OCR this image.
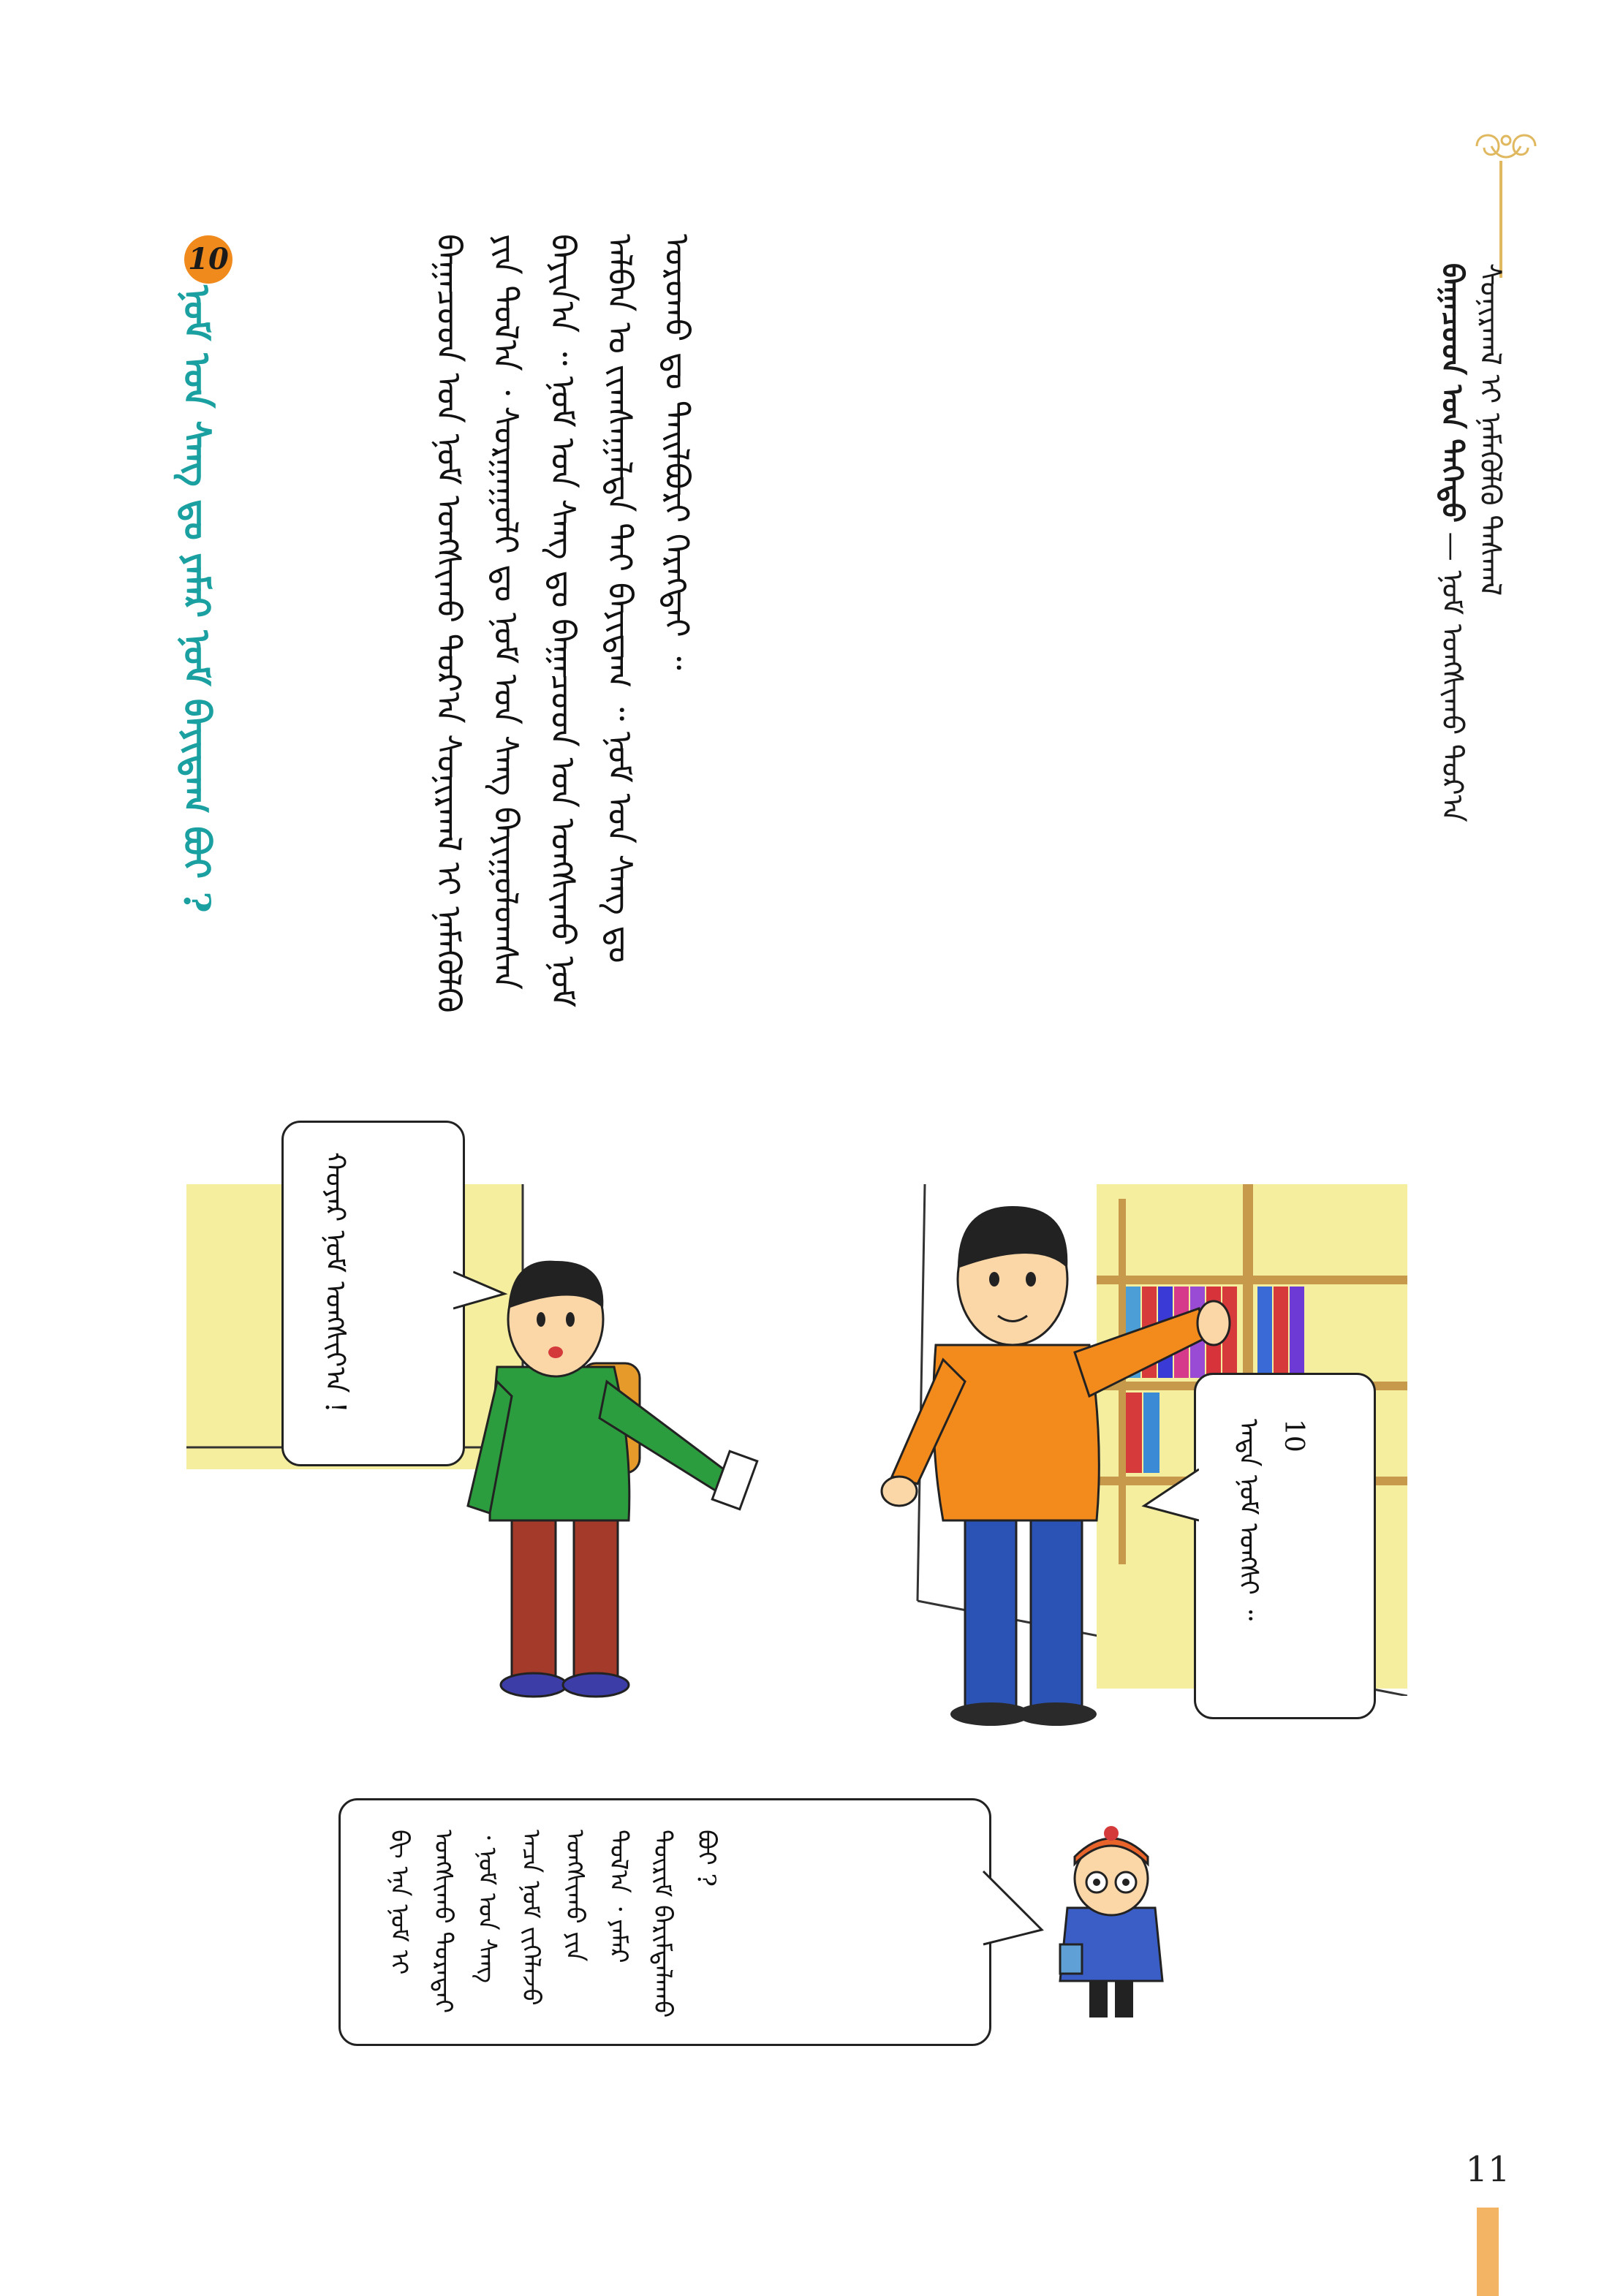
ᠪᠠᠭᠠᠴᠤᠳ ᠤᠨ ᠳᠡᠭᠡᠳᠦ — ᠨᠤᠮ ᠤᠩᠰᠢᠬᠤ ᠳᠤᠷ᠎ᠠ ᠰᠤᠨᠢᠷᠬᠠᠯ ᠢ ᠨᠡᠮᠡᠭᠦᠯᠬᠦ ᠳᠠᠰᠭᠠᠯ
ᠪᠠᠭᠠᠴᠤᠳ ᠤᠨ ᠨᠤᠮ ᠤᠩᠰᠢᠬᠤ ᠳᠤᠷ᠎ᠠ ᠰᠤᠨᠢᠷᠬᠠᠯ ᠢ ᠨᠡᠮᠡᠭᠦᠯᠬᠦ ᠶᠢᠨ ᠲᠤᠯ᠎ᠠ ᠂ ᠰᠤᠷᠭᠠᠭᠤᠯᠢ ᠳᠤ ᠨᠤᠮ ᠤᠨ ᠰᠠᠩ ᠪᠠᠶᠢᠭᠤᠯᠤᠭᠰᠠᠨ ᠪᠠᠶᠢᠨ᠎ᠠ ᠃ ᠨᠤᠮ ᠤᠨ ᠰᠠᠩ ᠳᠤ ᠪᠠᠭᠠᠴᠤᠳ ᠤᠨ ᠤᠩᠰᠢᠬᠤ ᠨᠤᠮ ᠠᠯᠪᠠᠨ ᠤ ᠵᠢᠭᠰᠠᠭᠠᠯᠲᠠ ᠲᠠᠢ ᠪᠠᠶᠢᠳᠠᠭ ᠃ ᠨᠤᠮ ᠤᠨ ᠰᠠᠩ ᠳᠤ ᠤᠷᠤᠬᠤ ᠳᠤ ᠲᠡᠢᠯᠪᠦᠷᠢ ᠬᠡᠷᠡᠭᠲᠡᠢ ᠃
10
ᠨᠤᠮ ᠤᠨ ᠰᠠᠩ ᠳᠤ ᠶᠠᠮᠠᠷ ᠨᠤᠮ ᠪᠠᠶᠢᠳᠠᠭ ᠪᠤᠢ ?
ᠬᠣᠶᠠᠷ ᠨᠤᠮ ᠤᠩᠰᠢᠶ᠎ᠠ !
ᠡᠨᠳᠡ ᠨᠤᠮ ᠤᠩᠰᠢ ᠃
10
ᠪᠢ ᠡᠨᠡ ᠨᠤᠮ ᠢ ᠤᠩᠰᠢᠬᠤ ᠳᠤᠷᠠᠲᠠᠢ ᠂ ᠨᠤᠮ ᠤᠨ ᠰᠠᠩ ᠠᠴᠠ ᠨᠤᠮ ᠵᠢᠭᠡᠯᠡᠵᠦ ᠤᠩᠰᠢᠬᠤ ᠶᠢᠨ ᠲᠤᠯ᠎ᠠ ᠂ ᠶᠠᠮᠠᠷ ᠳᠦᠷᠢᠮ ᠪᠠᠷᠢᠮᠲᠠᠯᠠᠬᠤ ᠪᠤᠢ ?
11
